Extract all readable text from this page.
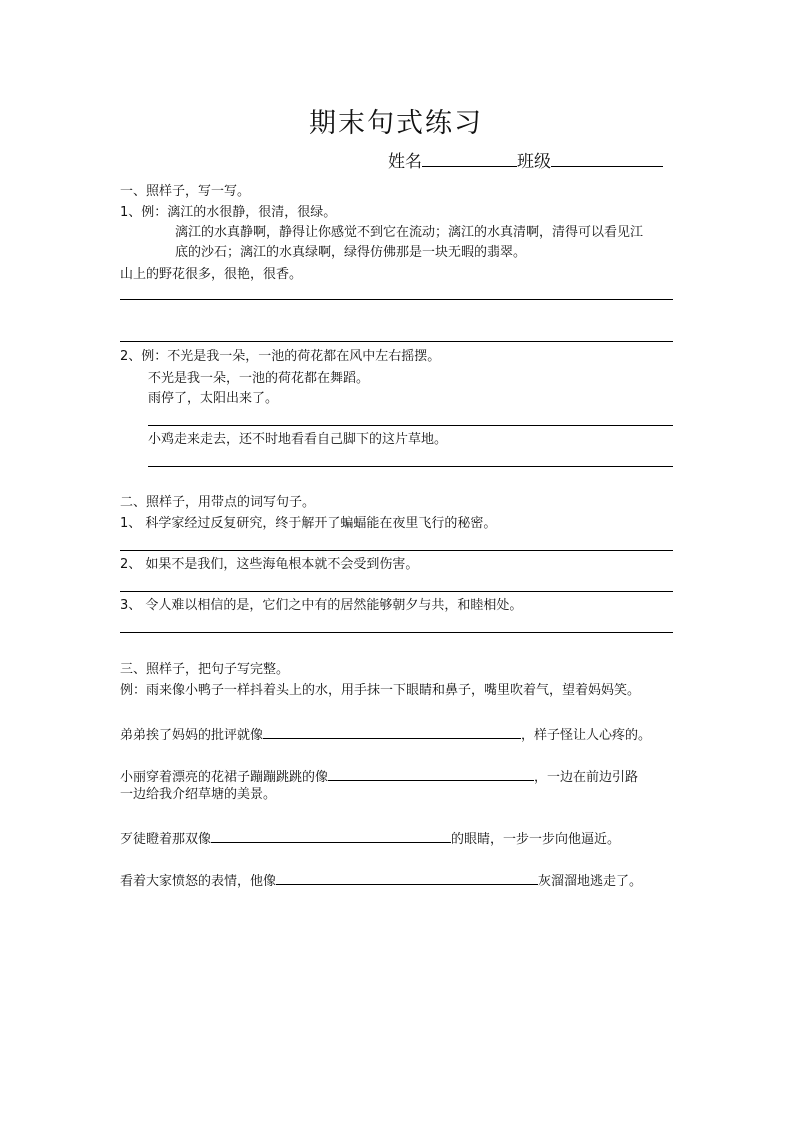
期末句式练习
姓名	班级
一、照样子，写一写。
1、例：漓江的水很静，很清，很绿。
漓江的水真静啊，静得让你感觉不到它在流动；漓江的水真清啊，清得可以看见江
底的沙石；漓江的水真绿啊，绿得仿佛那是一块无暇的翡翠。
山上的野花很多，很艳，很香。
2、例：不光是我一朵，一池的荷花都在风中左右摇摆。
不光是我一朵，一池的荷花都在舞蹈。
雨停了，太阳出来了。
小鸡走来走去，还不时地看看自己脚下的这片草地。
二、照样子，用带点的词写句子。
1、 科学家经过反复研究，终于解开了蝙蝠能在夜里飞行的秘密。
2、 如果不是我们，这些海龟根本就不会受到伤害。
3、 令人难以相信的是，它们之中有的居然能够朝夕与共，和睦相处。
三、照样子，把句子写完整。
例：雨来像小鸭子一样抖着头上的水，用手抹一下眼睛和鼻子，嘴里吹着气，望着妈妈笑。
弟弟挨了妈妈的批评就像	，样子怪让人心疼的。
小丽穿着漂亮的花裙子蹦蹦跳跳的像	，一边在前边引路
一边给我介绍草塘的美景。
歹徒瞪着那双像	的眼睛，一步一步向他逼近。
看着大家愤怒的表情，他像	灰溜溜地逃走了。
